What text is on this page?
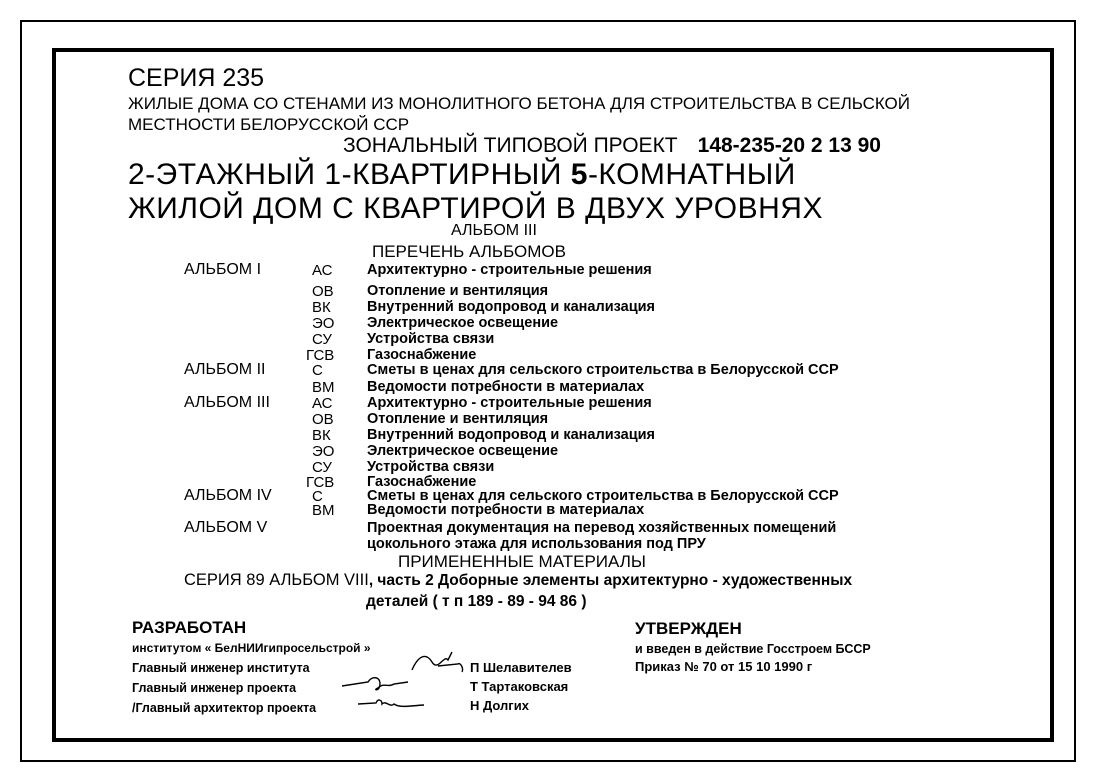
СЕРИЯ 235
ЖИЛЫЕ ДОМА СО СТЕНАМИ ИЗ МОНОЛИТНОГО БЕТОНА ДЛЯ СТРОИТЕЛЬСТВА В СЕЛЬСКОЙ МЕСТНОСТИ БЕЛОРУССКОЙ ССР
ЗОНАЛЬНЫЙ ТИПОВОЙ ПРОЕКТ 148-235-20 2 13 90
2-ЭТАЖНЫЙ 1-КВАРТИРНЫЙ 5-КОМНАТНЫЙ
ЖИЛОЙ ДОМ С КВАРТИРОЙ В ДВУХ УРОВНЯХ
АЛЬБОМ III
ПЕРЕЧЕНЬ АЛЬБОМОВ
АЛЬБОМ I	АС	Архитектурно - строительные решения
ОВ	Отопление и вентиляция
ВК	Внутренний водопровод и канализация
ЭО	Электрическое освещение
СУ	Устройства связи
ГСВ	Газоснабжение
АЛЬБОМ II	С	Сметы в ценах для сельского строительства в Белорусской ССР
ВМ	Ведомости потребности в материалах
АЛЬБОМ III	АС	Архитектурно - строительные решения
ОВ	Отопление и вентиляция
ВК	Внутренний водопровод и канализация
ЭО	Электрическое освещение
СУ	Устройства связи
ГСВ	Газоснабжение
АЛЬБОМ IV	С	Сметы в ценах для сельского строительства в Белорусской ССР
ВМ	Ведомости потребности в материалах
АЛЬБОМ V	Проектная документация на перевод хозяйственных помещений
цокольного этажа для использования под ПРУ
ПРИМЕНЕННЫЕ МАТЕРИАЛЫ
СЕРИЯ 89 АЛЬБОМ VIII, часть 2 Доборные элементы архитектурно - художественных
деталей ( т п 189 - 89 - 94 86 )
РАЗРАБОТАН
институтом « БелНИИгипросельстрой »
Главный инженер института	П Шелавителев
Главный инженер проекта	Т Тартаковская
/Главный архитектор проекта	Н Долгих
УТВЕРЖДЕН
и введен в действие Госстроем БССР
Приказ № 70 от 15 10 1990 г
